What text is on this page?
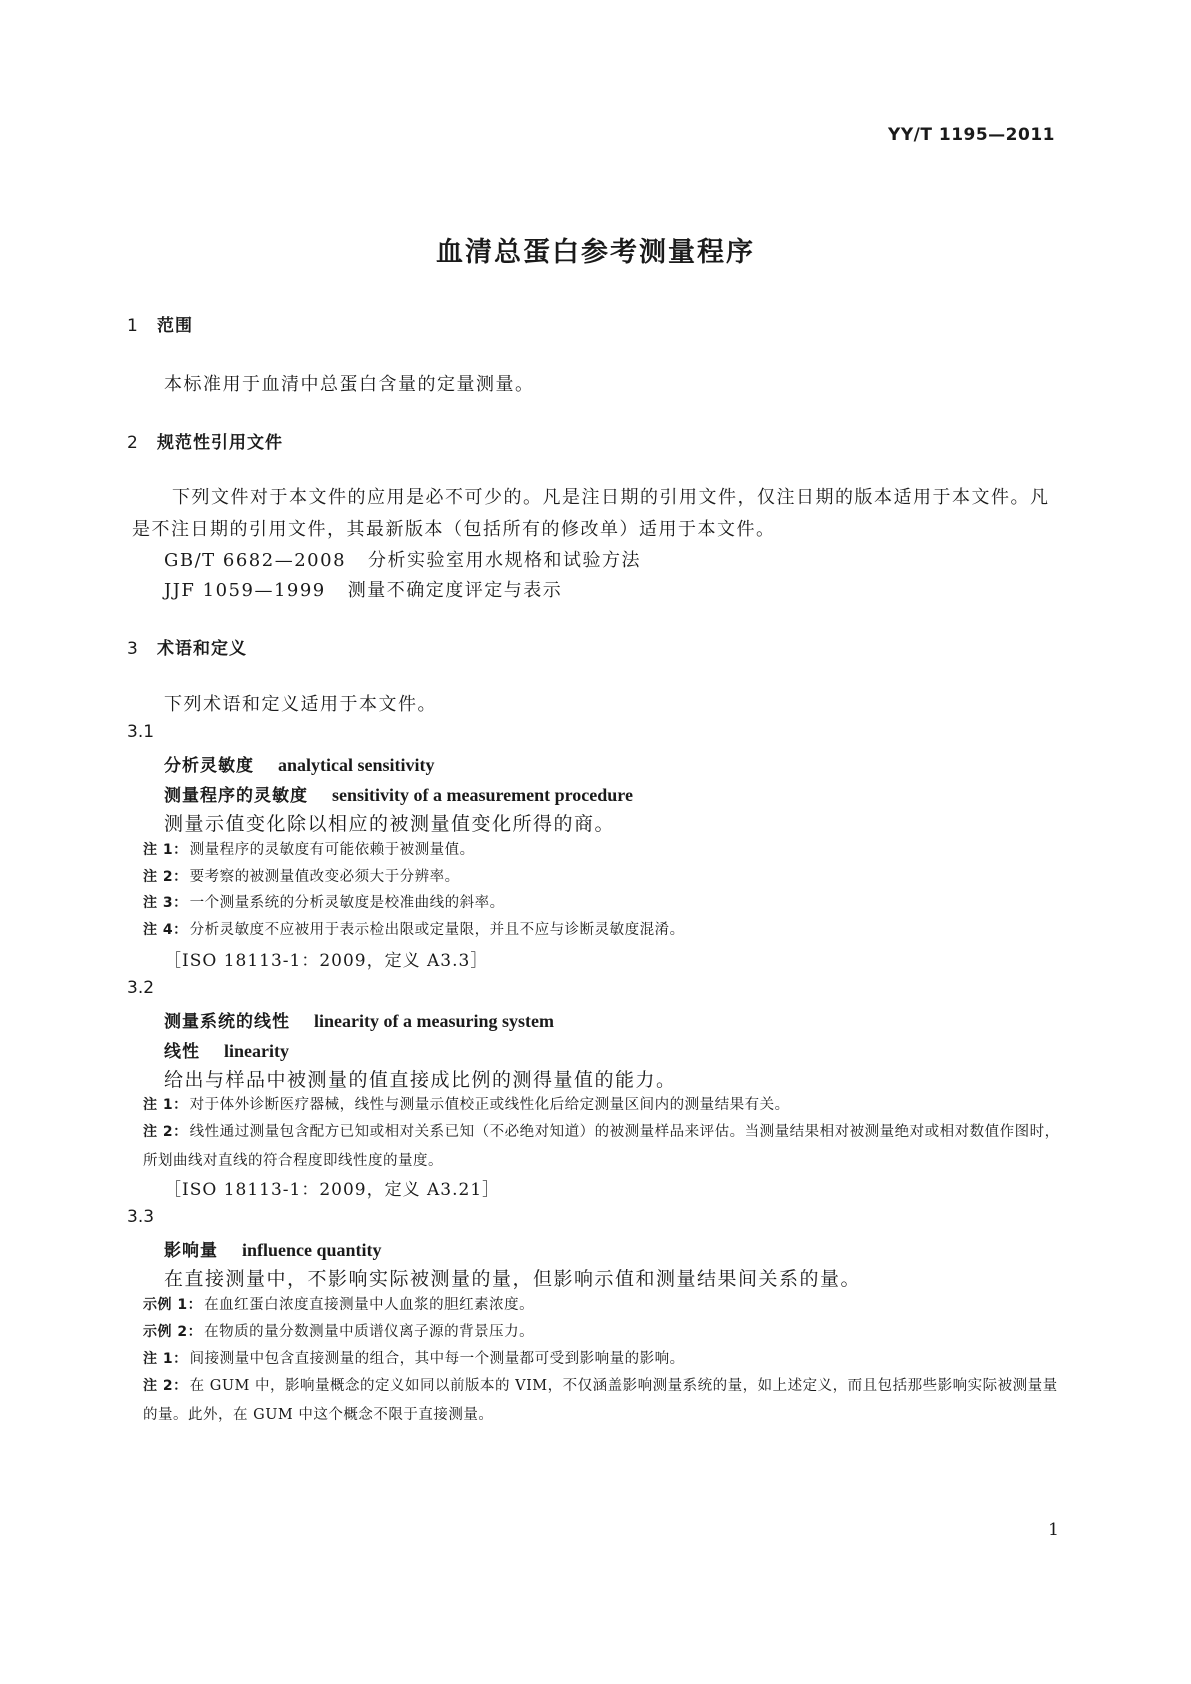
YY/T 1195—2011
血清总蛋白参考测量程序
1 范围
本标准用于血清中总蛋白含量的定量测量。
2 规范性引用文件
下列文件对于本文件的应用是必不可少的。凡是注日期的引用文件，仅注日期的版本适用于本文件。凡是不注日期的引用文件，其最新版本（包括所有的修改单）适用于本文件。
GB/T 6682—2008 分析实验室用水规格和试验方法
JJF 1059—1999 测量不确定度评定与表示
3 术语和定义
下列术语和定义适用于本文件。
3.1
分析灵敏度 analytical sensitivity
测量程序的灵敏度 sensitivity of a measurement procedure
测量示值变化除以相应的被测量值变化所得的商。
注 1： 测量程序的灵敏度有可能依赖于被测量值。
注 2： 要考察的被测量值改变必须大于分辨率。
注 3： 一个测量系统的分析灵敏度是校准曲线的斜率。
注 4： 分析灵敏度不应被用于表示检出限或定量限，并且不应与诊断灵敏度混淆。
［ISO 18113-1：2009，定义 A3.3］
3.2
测量系统的线性 linearity of a measuring system
线性 linearity
给出与样品中被测量的值直接成比例的测得量值的能力。
注 1： 对于体外诊断医疗器械，线性与测量示值校正或线性化后给定测量区间内的测量结果有关。
注 2： 线性通过测量包含配方已知或相对关系已知（不必绝对知道）的被测量样品来评估。当测量结果相对被测量绝对或相对数值作图时，所划曲线对直线的符合程度即线性度的量度。
［ISO 18113-1：2009，定义 A3.21］
3.3
影响量 influence quantity
在直接测量中，不影响实际被测量的量，但影响示值和测量结果间关系的量。
示例 1： 在血红蛋白浓度直接测量中人血浆的胆红素浓度。
示例 2： 在物质的量分数测量中质谱仪离子源的背景压力。
注 1： 间接测量中包含直接测量的组合，其中每一个测量都可受到影响量的影响。
注 2： 在 GUM 中，影响量概念的定义如同以前版本的 VIM，不仅涵盖影响测量系统的量，如上述定义，而且包括那些影响实际被测量量的量。此外，在 GUM 中这个概念不限于直接测量。
1
